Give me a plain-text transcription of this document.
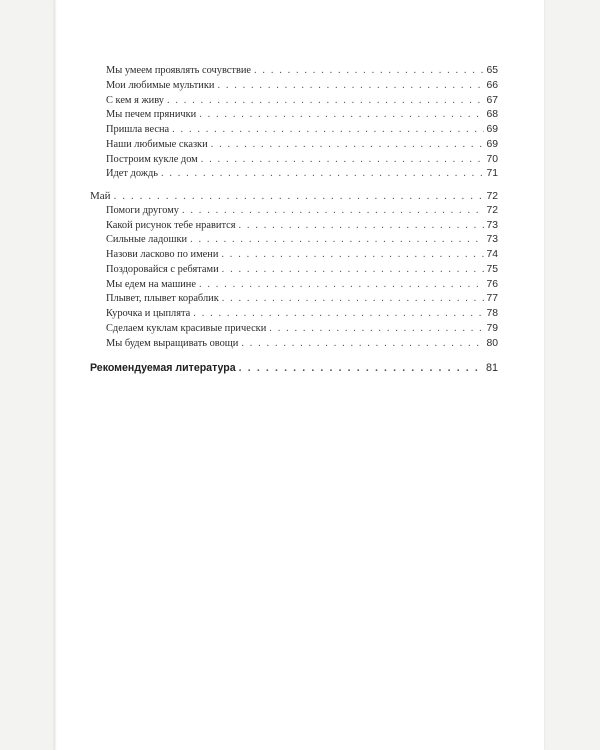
Мы умеем проявлять сочувствие . . .	65
Мои любимые мультики . . .	66
С кем я живу . . .	67
Мы печем прянички . . .	68
Пришла весна . . .	69
Наши любимые сказки . . .	69
Построим кукле дом . . .	70
Идет дождь . . .	71
Май . . .	72
Помоги другому . . .	72
Какой рисунок тебе нравится . . .	73
Сильные ладошки . . .	73
Назови ласково по имени . . .	74
Поздоровайся с ребятами . . .	75
Мы едем на машине . . .	76
Плывет, плывет кораблик . . .	77
Курочка и цыплята . . .	78
Сделаем куклам красивые прически . . .	79
Мы будем выращивать овощи . . .	80
Рекомендуемая литература . . .	81
